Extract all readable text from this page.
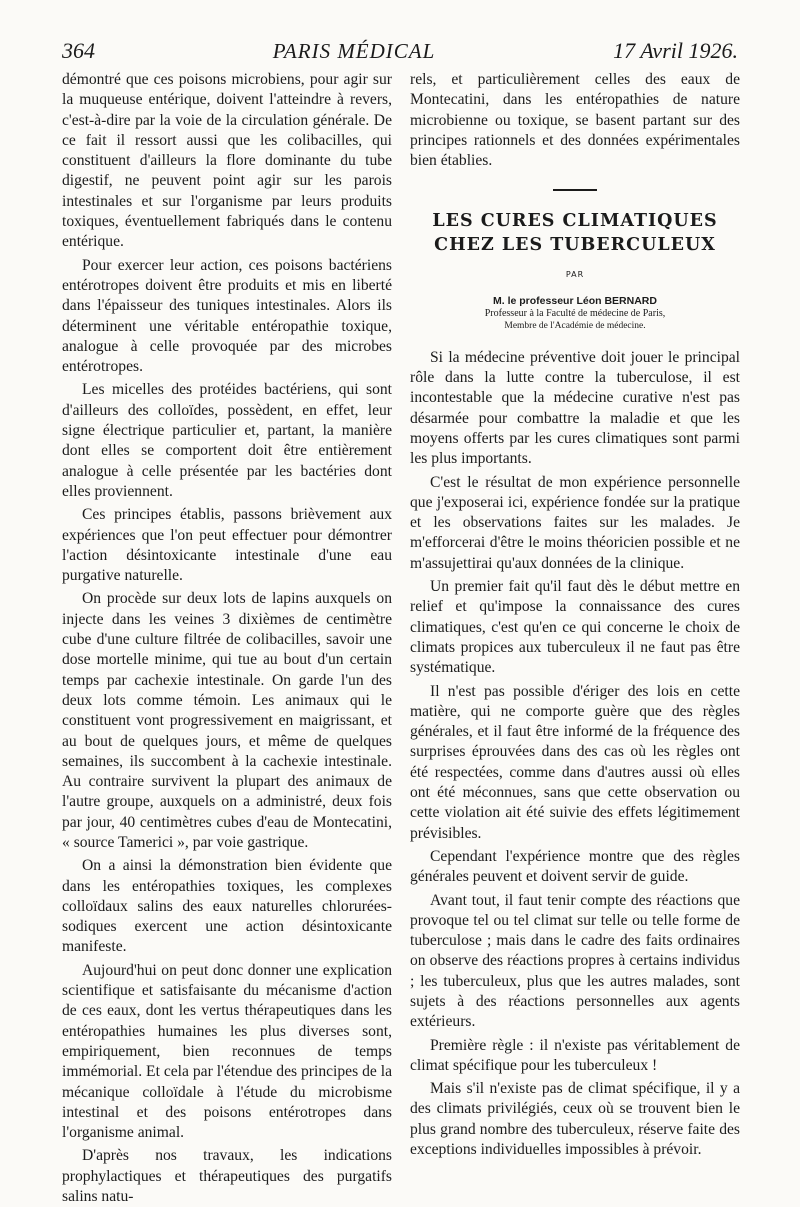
364	PARIS MÉDICAL	17 Avril 1926.

démontré que ces poisons microbiens, pour agir sur la muqueuse entérique, doivent l'atteindre à revers, c'est-à-dire par la voie de la circulation générale. De ce fait il ressort aussi que les colibacilles, qui constituent d'ailleurs la flore dominante du tube digestif, ne peuvent point agir sur les parois intestinales et sur l'organisme par leurs produits toxiques, éventuellement fabriqués dans le contenu entérique.

Pour exercer leur action, ces poisons bactériens entérotropes doivent être produits et mis en liberté dans l'épaisseur des tuniques intestinales. Alors ils déterminent une véritable entéropathie toxique, analogue à celle provoquée par des microbes entérotropes.

Les micelles des protéides bactériens, qui sont d'ailleurs des colloïdes, possèdent, en effet, leur signe électrique particulier et, partant, la manière dont elles se comportent doit être entièrement analogue à celle présentée par les bactéries dont elles proviennent.

Ces principes établis, passons brièvement aux expériences que l'on peut effectuer pour démontrer l'action désintoxicante intestinale d'une eau purgative naturelle.

On procède sur deux lots de lapins auxquels on injecte dans les veines 3 dixièmes de centimètre cube d'une culture filtrée de colibacilles, savoir une dose mortelle minime, qui tue au bout d'un certain temps par cachexie intestinale. On garde l'un des deux lots comme témoin. Les animaux qui le constituent vont progressivement en maigrissant, et au bout de quelques jours, et même de quelques semaines, ils succombent à la cachexie intestinale. Au contraire survivent la plupart des animaux de l'autre groupe, auxquels on a administré, deux fois par jour, 40 centimètres cubes d'eau de Montecatini, « source Tamerici », par voie gastrique.

On a ainsi la démonstration bien évidente que dans les entéropathies toxiques, les complexes colloïdaux salins des eaux naturelles chlorurées-sodiques exercent une action désintoxicante manifeste.

Aujourd'hui on peut donc donner une explication scientifique et satisfaisante du mécanisme d'action de ces eaux, dont les vertus thérapeutiques dans les entéropathies humaines les plus diverses sont, empiriquement, bien reconnues de temps immémorial. Et cela par l'étendue des principes de la mécanique colloïdale à l'étude du microbisme intestinal et des poisons entérotropes dans l'organisme animal.

D'après nos travaux, les indications prophylactiques et thérapeutiques des purgatifs salins natu-

rels, et particulièrement celles des eaux de Montecatini, dans les entéropathies de nature microbienne ou toxique, se basent partant sur des principes rationnels et des données expérimentales bien établies.

LES CURES CLIMATIQUES
CHEZ LES TUBERCULEUX
PAR
M. le professeur Léon BERNARD
Professeur à la Faculté de médecine de Paris,
Membre de l'Académie de médecine.

Si la médecine préventive doit jouer le principal rôle dans la lutte contre la tuberculose, il est incontestable que la médecine curative n'est pas désarmée pour combattre la maladie et que les moyens offerts par les cures climatiques sont parmi les plus importants.

C'est le résultat de mon expérience personnelle que j'exposerai ici, expérience fondée sur la pratique et les observations faites sur les malades. Je m'efforcerai d'être le moins théoricien possible et ne m'assujettirai qu'aux données de la clinique.

Un premier fait qu'il faut dès le début mettre en relief et qu'impose la connaissance des cures climatiques, c'est qu'en ce qui concerne le choix de climats propices aux tuberculeux il ne faut pas être systématique.

Il n'est pas possible d'ériger des lois en cette matière, qui ne comporte guère que des règles générales, et il faut être informé de la fréquence des surprises éprouvées dans des cas où les règles ont été respectées, comme dans d'autres aussi où elles ont été méconnues, sans que cette observation ou cette violation ait été suivie des effets légitimement prévisibles.

Cependant l'expérience montre que des règles générales peuvent et doivent servir de guide.

Avant tout, il faut tenir compte des réactions que provoque tel ou tel climat sur telle ou telle forme de tuberculose ; mais dans le cadre des faits ordinaires on observe des réactions propres à certains individus ; les tuberculeux, plus que les autres malades, sont sujets à des réactions personnelles aux agents extérieurs.

Première règle : il n'existe pas véritablement de climat spécifique pour les tuberculeux !

Mais s'il n'existe pas de climat spécifique, il y a des climats privilégiés, ceux où se trouvent bien le plus grand nombre des tuberculeux, réserve faite des exceptions individuelles impossibles à prévoir.
